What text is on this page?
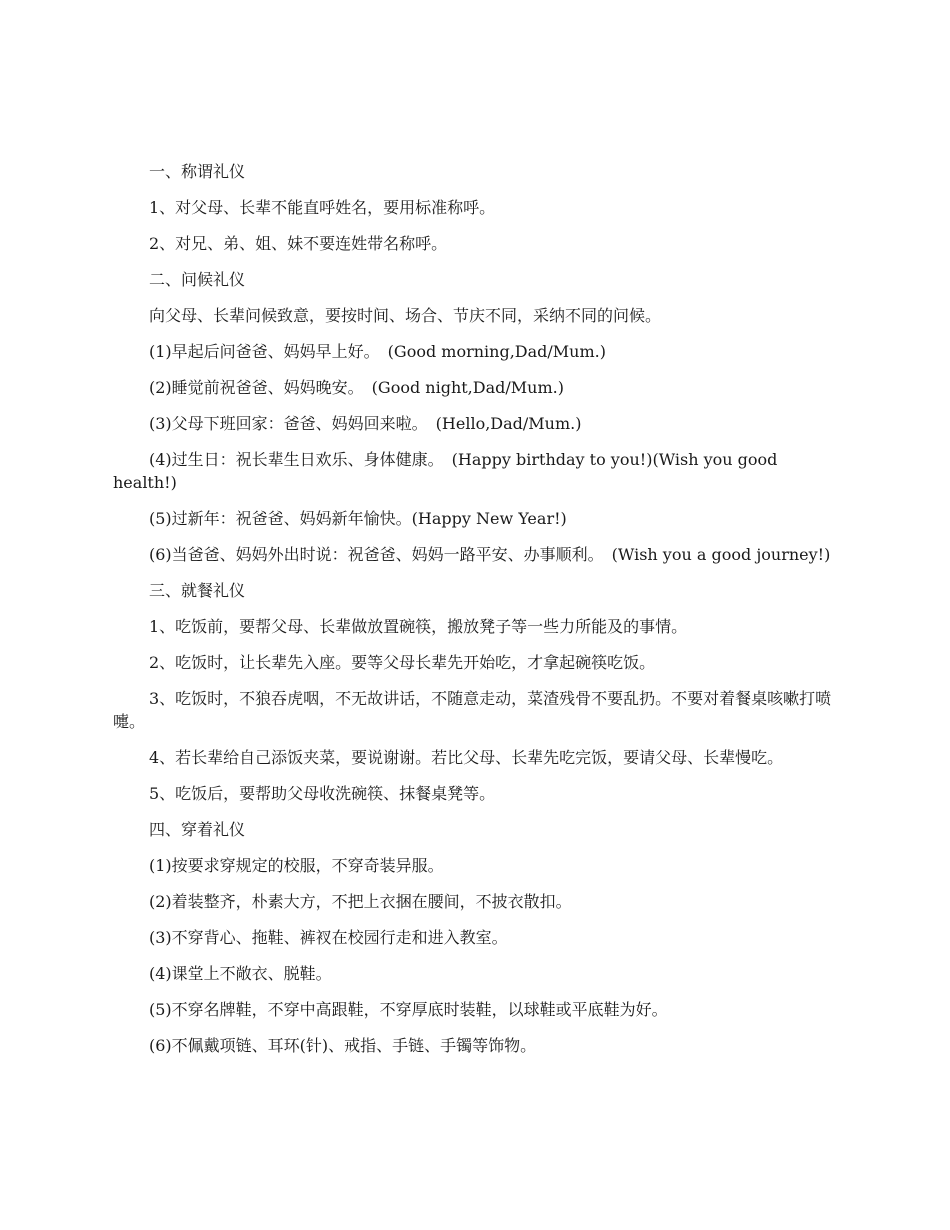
一、称谓礼仪

1、对父母、长辈不能直呼姓名，要用标准称呼。

2、对兄、弟、姐、妹不要连姓带名称呼。

二、问候礼仪

向父母、长辈问候致意，要按时间、场合、节庆不同，采纳不同的问候。

(1)早起后问爸爸、妈妈早上好。　(Good morning,Dad/Mum.)

(2)睡觉前祝爸爸、妈妈晚安。　(Good night,Dad/Mum.)

(3)父母下班回家：爸爸、妈妈回来啦。　(Hello,Dad/Mum.)

(4)过生日：祝长辈生日欢乐、身体健康。　(Happy birthday to you!)(Wish you good health!)

(5)过新年：祝爸爸、妈妈新年愉快。(Happy New Year!)

(6)当爸爸、妈妈外出时说：祝爸爸、妈妈一路平安、办事顺利。　(Wish you a good journey!)

三、就餐礼仪

1、吃饭前，要帮父母、长辈做放置碗筷，搬放凳子等一些力所能及的事情。

2、吃饭时，让长辈先入座。要等父母长辈先开始吃，才拿起碗筷吃饭。

3、吃饭时，不狼吞虎咽，不无故讲话，不随意走动，菜渣残骨不要乱扔。不要对着餐桌咳嗽打喷嚏。

4、若长辈给自己添饭夹菜，要说谢谢。若比父母、长辈先吃完饭，要请父母、长辈慢吃。

5、吃饭后，要帮助父母收洗碗筷、抹餐桌凳等。

四、穿着礼仪

(1)按要求穿规定的校服，不穿奇装异服。

(2)着装整齐，朴素大方，不把上衣捆在腰间，不披衣散扣。

(3)不穿背心、拖鞋、裤衩在校园行走和进入教室。

(4)课堂上不敞衣、脱鞋。

(5)不穿名牌鞋，不穿中高跟鞋，不穿厚底时装鞋，以球鞋或平底鞋为好。

(6)不佩戴项链、耳环(针)、戒指、手链、手镯等饰物。
